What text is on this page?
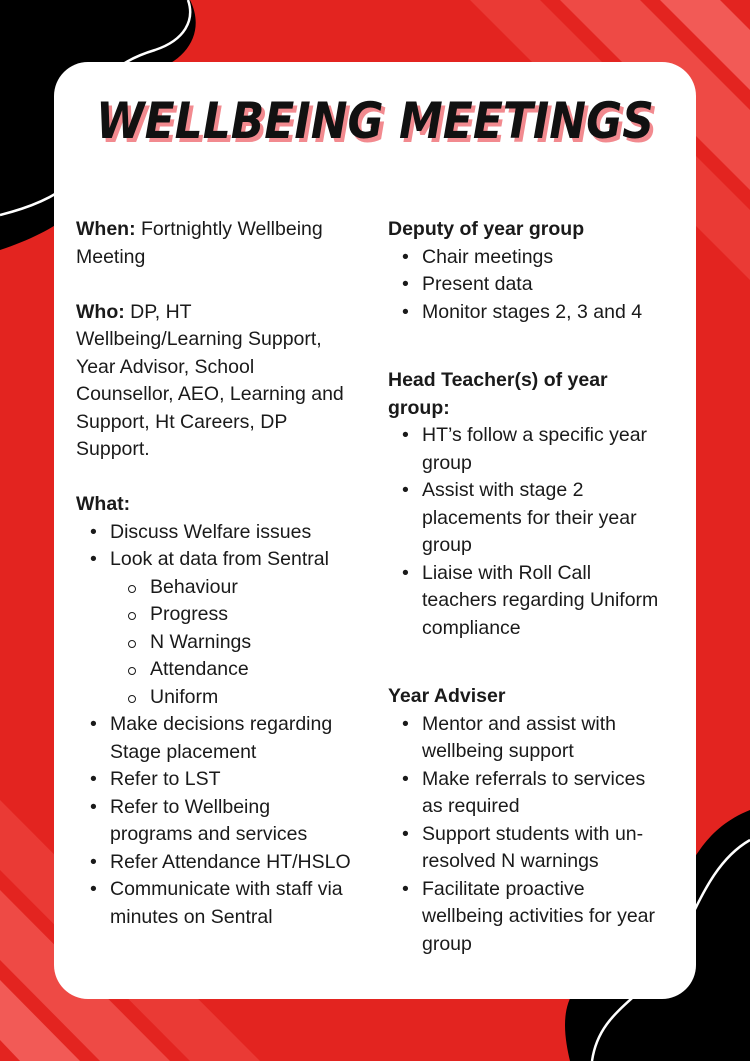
WELLBEING MEETINGS

When: Fortnightly Wellbeing Meeting

Who: DP, HT Wellbeing/Learning Support, Year Advisor, School Counsellor, AEO, Learning and Support, Ht Careers, DP Support.

What:

• Discuss Welfare issues
• Look at data from Sentral
Behaviour
Progress
N Warnings
Attendance
Uniform
• Make decisions regarding Stage placement
• Refer to LST
• Refer to Wellbeing programs and services
• Refer Attendance HT/HSLO
• Communicate with staff via minutes on Sentral

Deputy of year group

• Chair meetings
• Present data
• Monitor stages 2, 3 and 4

Head Teacher(s) of year group:

• HT’s follow a specific year group
• Assist with stage 2 placements for their year group
• Liaise with Roll Call teachers regarding Uniform compliance

Year Adviser

• Mentor and assist with wellbeing support
• Make referrals to services as required
• Support students with un-resolved N warnings
• Facilitate proactive wellbeing activities for year group
